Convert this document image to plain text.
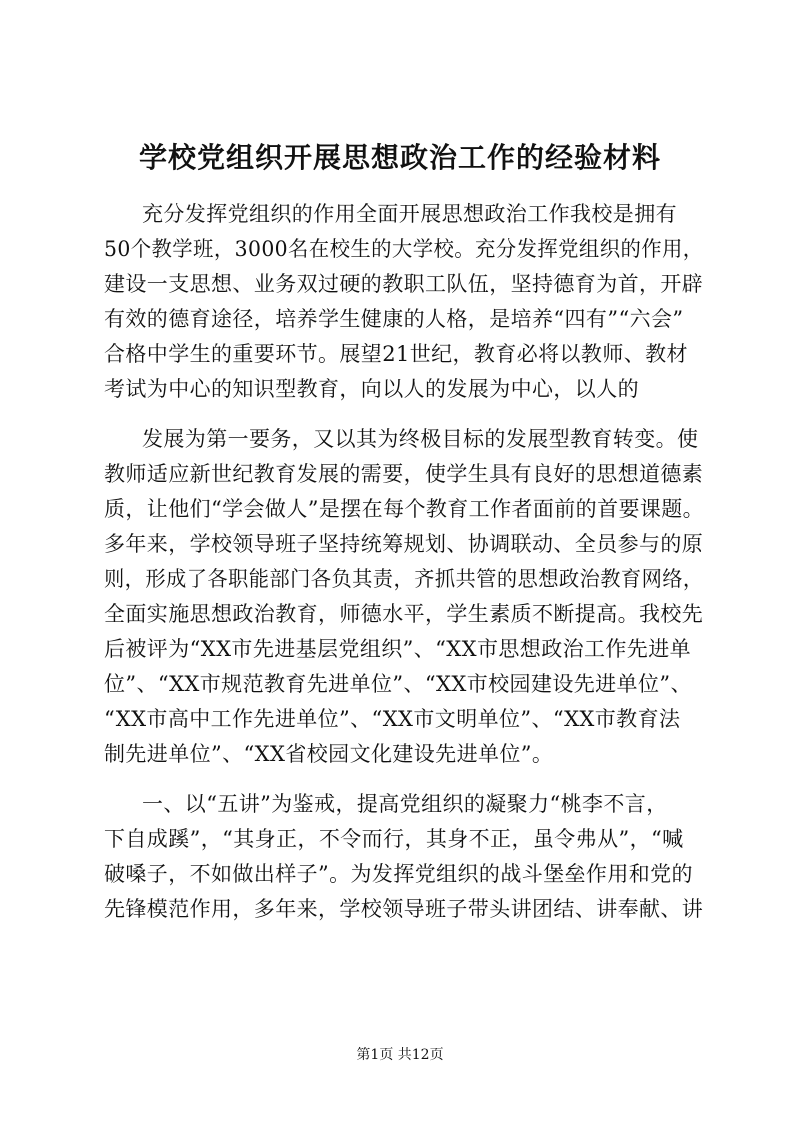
学校党组织开展思想政治工作的经验材料
充分发挥党组织的作用全面开展思想政治工作我校是拥有
50个教学班，3000名在校生的大学校。充分发挥党组织的作用，
建设一支思想、业务双过硬的教职工队伍，坚持德育为首，开辟
有效的德育途径，培养学生健康的人格，是培养“四有”“六会”
合格中学生的重要环节。展望21世纪，教育必将以教师、教材
考试为中心的知识型教育，向以人的发展为中心，以人的
发展为第一要务，又以其为终极目标的发展型教育转变。使
教师适应新世纪教育发展的需要，使学生具有良好的思想道德素
质，让他们“学会做人”是摆在每个教育工作者面前的首要课题。
多年来，学校领导班子坚持统筹规划、协调联动、全员参与的原
则，形成了各职能部门各负其责，齐抓共管的思想政治教育网络，
全面实施思想政治教育，师德水平，学生素质不断提高。我校先
后被评为“XX市先进基层党组织”、“XX市思想政治工作先进单
位”、“XX市规范教育先进单位”、“XX市校园建设先进单位”、
“XX市高中工作先进单位”、“XX市文明单位”、“XX市教育法
制先进单位”、“XX省校园文化建设先进单位”。
一、以“五讲”为鉴戒，提高党组织的凝聚力“桃李不言，
下自成蹊”，“其身正，不令而行，其身不正，虽令弗从”，“喊
破嗓子，不如做出样子”。为发挥党组织的战斗堡垒作用和党的
先锋模范作用，多年来，学校领导班子带头讲团结、讲奉献、讲
第1页 共12页
